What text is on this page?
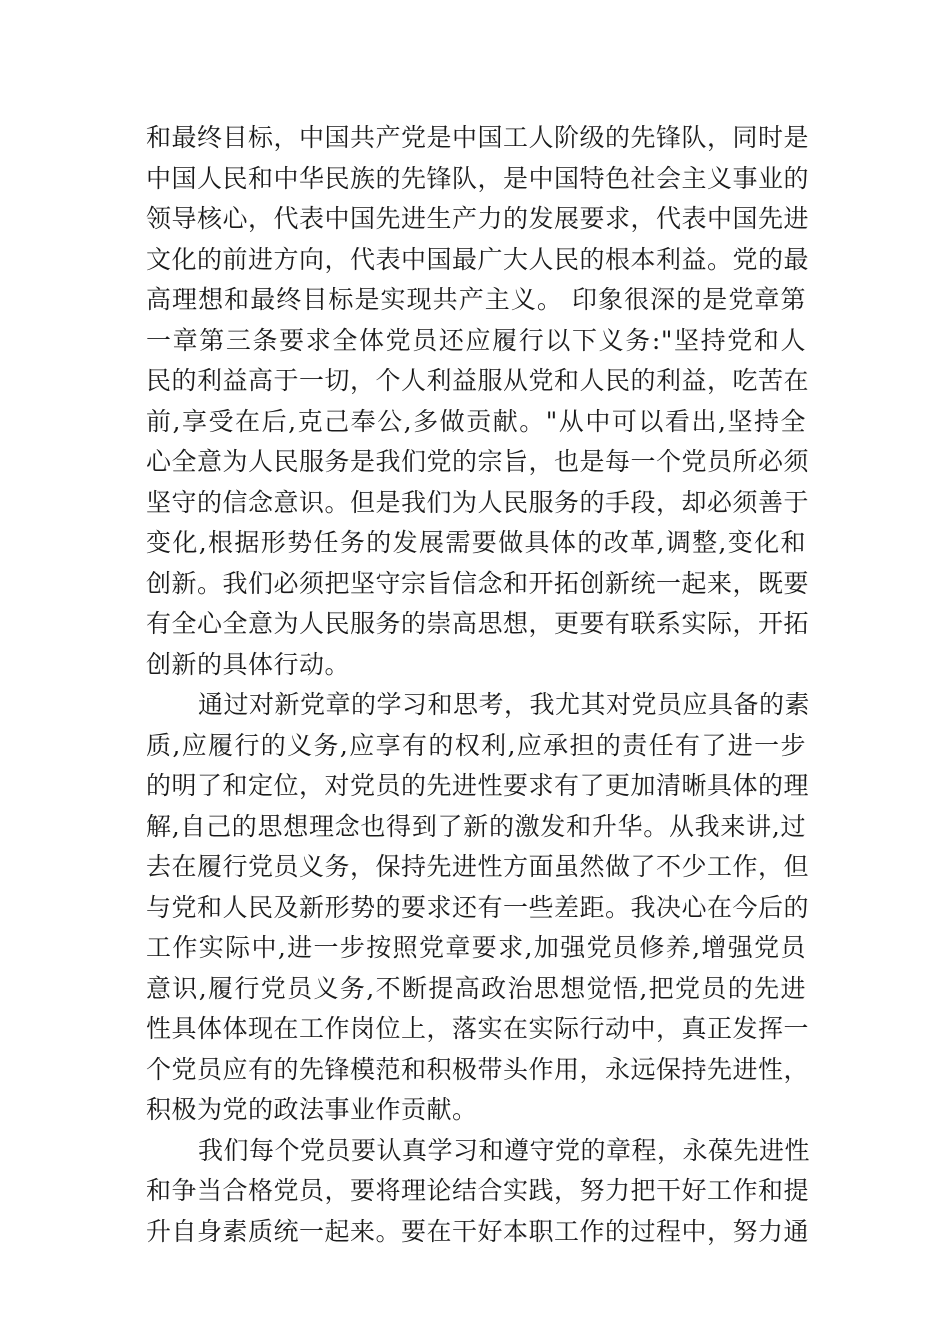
和最终目标，中国共产党是中国工人阶级的先锋队，同时是
中国人民和中华民族的先锋队，是中国特色社会主义事业的
领导核心，代表中国先进生产力的发展要求，代表中国先进
文化的前进方向，代表中国最广大人民的根本利益。党的最
高理想和最终目标是实现共产主义。 印象很深的是党章第
一章第三条要求全体党员还应履行以下义务:"坚持党和人
民的利益高于一切，个人利益服从党和人民的利益，吃苦在
前,享受在后,克己奉公,多做贡献。"从中可以看出,坚持全
心全意为人民服务是我们党的宗旨，也是每一个党员所必须
坚守的信念意识。但是我们为人民服务的手段，却必须善于
变化,根据形势任务的发展需要做具体的改革,调整,变化和
创新。我们必须把坚守宗旨信念和开拓创新统一起来，既要
有全心全意为人民服务的崇高思想，更要有联系实际，开拓
创新的具体行动。
通过对新党章的学习和思考，我尤其对党员应具备的素
质,应履行的义务,应享有的权利,应承担的责任有了进一步
的明了和定位，对党员的先进性要求有了更加清晰具体的理
解,自己的思想理念也得到了新的激发和升华。从我来讲,过
去在履行党员义务，保持先进性方面虽然做了不少工作，但
与党和人民及新形势的要求还有一些差距。我决心在今后的
工作实际中,进一步按照党章要求,加强党员修养,增强党员
意识,履行党员义务,不断提高政治思想觉悟,把党员的先进
性具体体现在工作岗位上，落实在实际行动中，真正发挥一
个党员应有的先锋模范和积极带头作用，永远保持先进性，
积极为党的政法事业作贡献。
我们每个党员要认真学习和遵守党的章程，永葆先进性
和争当合格党员，要将理论结合实践，努力把干好工作和提
升自身素质统一起来。要在干好本职工作的过程中，努力通
